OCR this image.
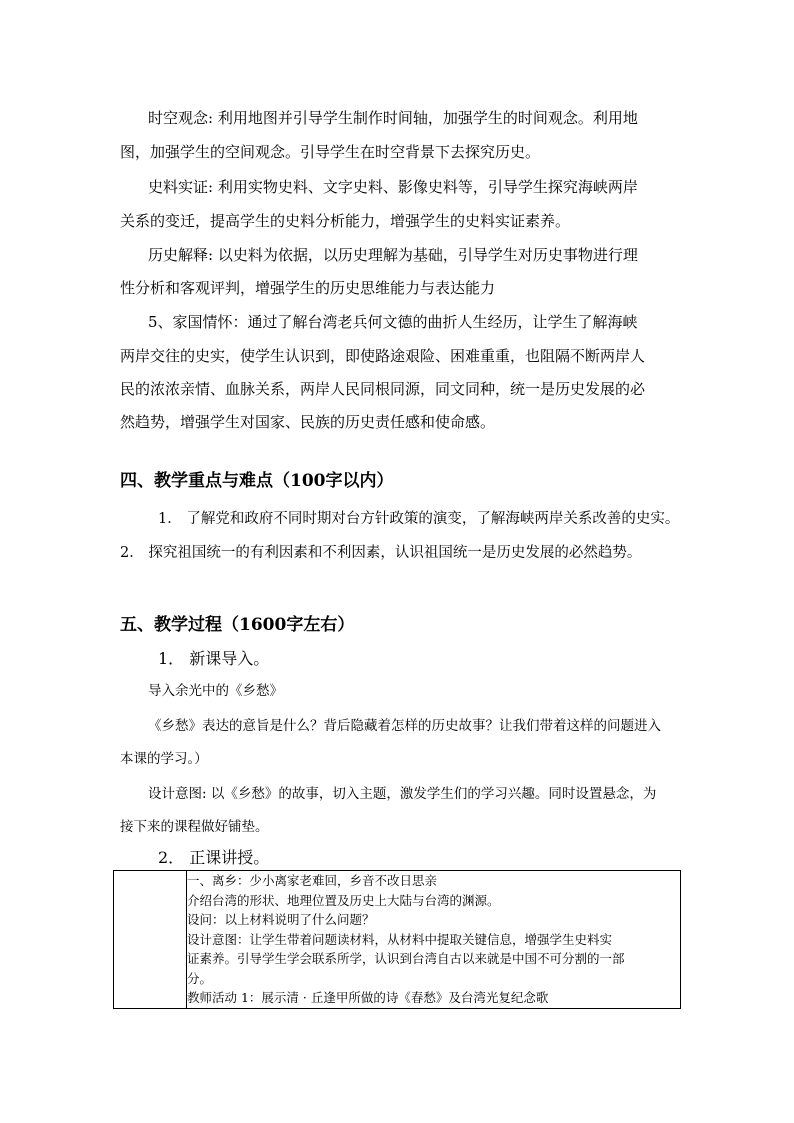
时空观念: 利用地图并引导学生制作时间轴，加强学生的时间观念。利用地
图，加强学生的空间观念。引导学生在时空背景下去探究历史。
史料实证: 利用实物史料、文字史料、影像史料等，引导学生探究海峡两岸
关系的变迁，提高学生的史料分析能力，增强学生的史料实证素养。
历史解释: 以史料为依据，以历史理解为基础，引导学生对历史事物进行理
性分析和客观评判，增强学生的历史思维能力与表达能力
5、家国情怀：通过了解台湾老兵何文德的曲折人生经历，让学生了解海峡
两岸交往的史实，使学生认识到，即使路途艰险、困难重重，也阻隔不断两岸人
民的浓浓亲情、血脉关系，两岸人民同根同源，同文同种，统一是历史发展的必
然趋势，增强学生对国家、民族的历史责任感和使命感。
四、教学重点与难点（100字以内）
1． 了解党和政府不同时期对台方针政策的演变，了解海峡两岸关系改善的史实。
2． 探究祖国统一的有利因素和不利因素，认识祖国统一是历史发展的必然趋势。
五、教学过程（1600字左右）
1． 新课导入。
导入余光中的《乡愁》
《乡愁》表达的意旨是什么？背后隐藏着怎样的历史故事？让我们带着这样的问题进入
本课的学习。）
设计意图: 以《乡愁》的故事，切入主题，激发学生们的学习兴趣。同时设置悬念，为
接下来的课程做好铺垫。
2． 正课讲授。

一、离乡：少小离家老难回，乡音不改日思亲
介绍台湾的形状、地理位置及历史上大陆与台湾的渊源。
设问：以上材料说明了什么问题？
设计意图：让学生带着问题读材料，从材料中提取关键信息，增强学生史料实
证素养。引导学生学会联系所学，认识到台湾自古以来就是中国不可分割的一部
分。
教师活动 1：展示清 · 丘逢甲所做的诗《春愁》及台湾光复纪念歌
